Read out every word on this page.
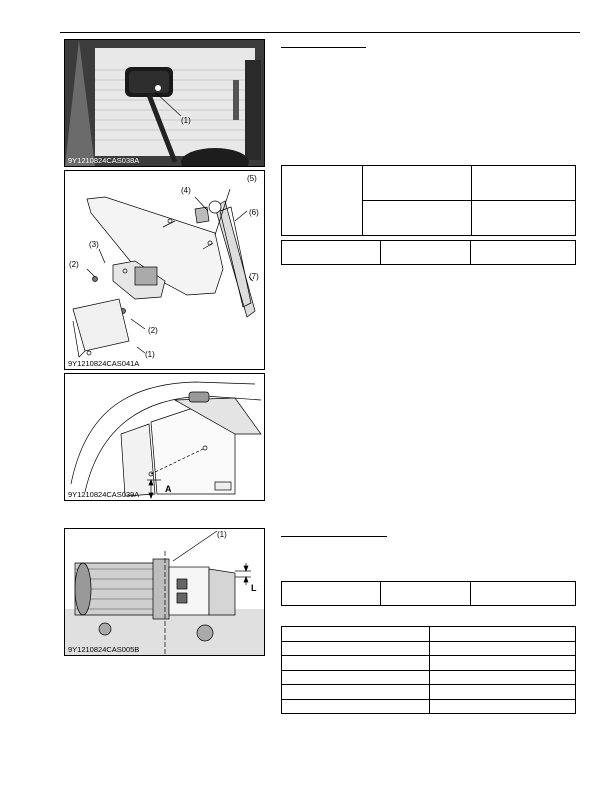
(1)
9Y1210824CAS038A
(1)
(2)
(2)
(3)
(4)
(5)
(6)
(7)
9Y1210824CAS041A
A
9Y1210824CAS039A
(1)
L
9Y1210824CAS005B
